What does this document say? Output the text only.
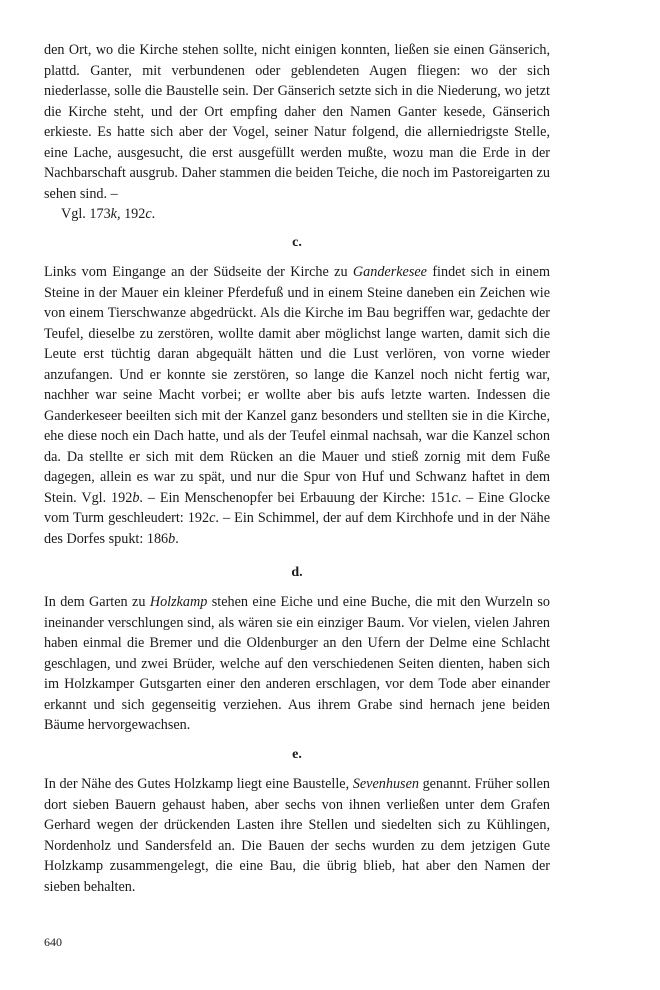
den Ort, wo die Kirche stehen sollte, nicht einigen konnten, ließen sie einen Gänserich, plattd. Ganter, mit verbundenen oder geblendeten Augen fliegen: wo der sich niederlasse, solle die Baustelle sein. Der Gänserich setzte sich in die Niederung, wo jetzt die Kirche steht, und der Ort empfing daher den Namen Ganter kesede, Gänserich erkieste. Es hatte sich aber der Vogel, seiner Natur folgend, die allerniedrigste Stelle, eine Lache, ausgesucht, die erst ausgefüllt werden mußte, wozu man die Erde in der Nachbarschaft ausgrub. Daher stammen die beiden Teiche, die noch im Pastoreigarten zu sehen sind. –

Vgl. 173k, 192c.

c.

Links vom Eingange an der Südseite der Kirche zu Ganderkesee findet sich in einem Steine in der Mauer ein kleiner Pferdefuß und in einem Steine daneben ein Zeichen wie von einem Tierschwanze abgedrückt. Als die Kirche im Bau begriffen war, gedachte der Teufel, dieselbe zu zerstören, wollte damit aber möglichst lange warten, damit sich die Leute erst tüchtig daran abgequält hätten und die Lust verlören, von vorne wieder anzufangen. Und er konnte sie zerstören, so lange die Kanzel noch nicht fertig war, nachher war seine Macht vorbei; er wollte aber bis aufs letzte warten. Indessen die Ganderkeseer beeilten sich mit der Kanzel ganz besonders und stellten sie in die Kirche, ehe diese noch ein Dach hatte, und als der Teufel einmal nachsah, war die Kanzel schon da. Da stellte er sich mit dem Rücken an die Mauer und stieß zornig mit dem Fuße dagegen, allein es war zu spät, und nur die Spur von Huf und Schwanz haftet in dem Stein. Vgl. 192b. – Ein Menschenopfer bei Erbauung der Kirche: 151c. – Eine Glocke vom Turm geschleudert: 192c. – Ein Schimmel, der auf dem Kirchhofe und in der Nähe des Dorfes spukt: 186b.

d.

In dem Garten zu Holzkamp stehen eine Eiche und eine Buche, die mit den Wurzeln so ineinander verschlungen sind, als wären sie ein einziger Baum. Vor vielen, vielen Jahren haben einmal die Bremer und die Oldenburger an den Ufern der Delme eine Schlacht geschlagen, und zwei Brüder, welche auf den verschiedenen Seiten dienten, haben sich im Holzkamper Gutsgarten einer den anderen erschlagen, vor dem Tode aber einander erkannt und sich gegenseitig verziehen. Aus ihrem Grabe sind hernach jene beiden Bäume hervorgewachsen.

e.

In der Nähe des Gutes Holzkamp liegt eine Baustelle, Sevenhusen genannt. Früher sollen dort sieben Bauern gehaust haben, aber sechs von ihnen verließen unter dem Grafen Gerhard wegen der drückenden Lasten ihre Stellen und siedelten sich zu Kühlingen, Nordenholz und Sandersfeld an. Die Bauen der sechs wurden zu dem jetzigen Gute Holzkamp zusammengelegt, die eine Bau, die übrig blieb, hat aber den Namen der sieben behalten.

640
